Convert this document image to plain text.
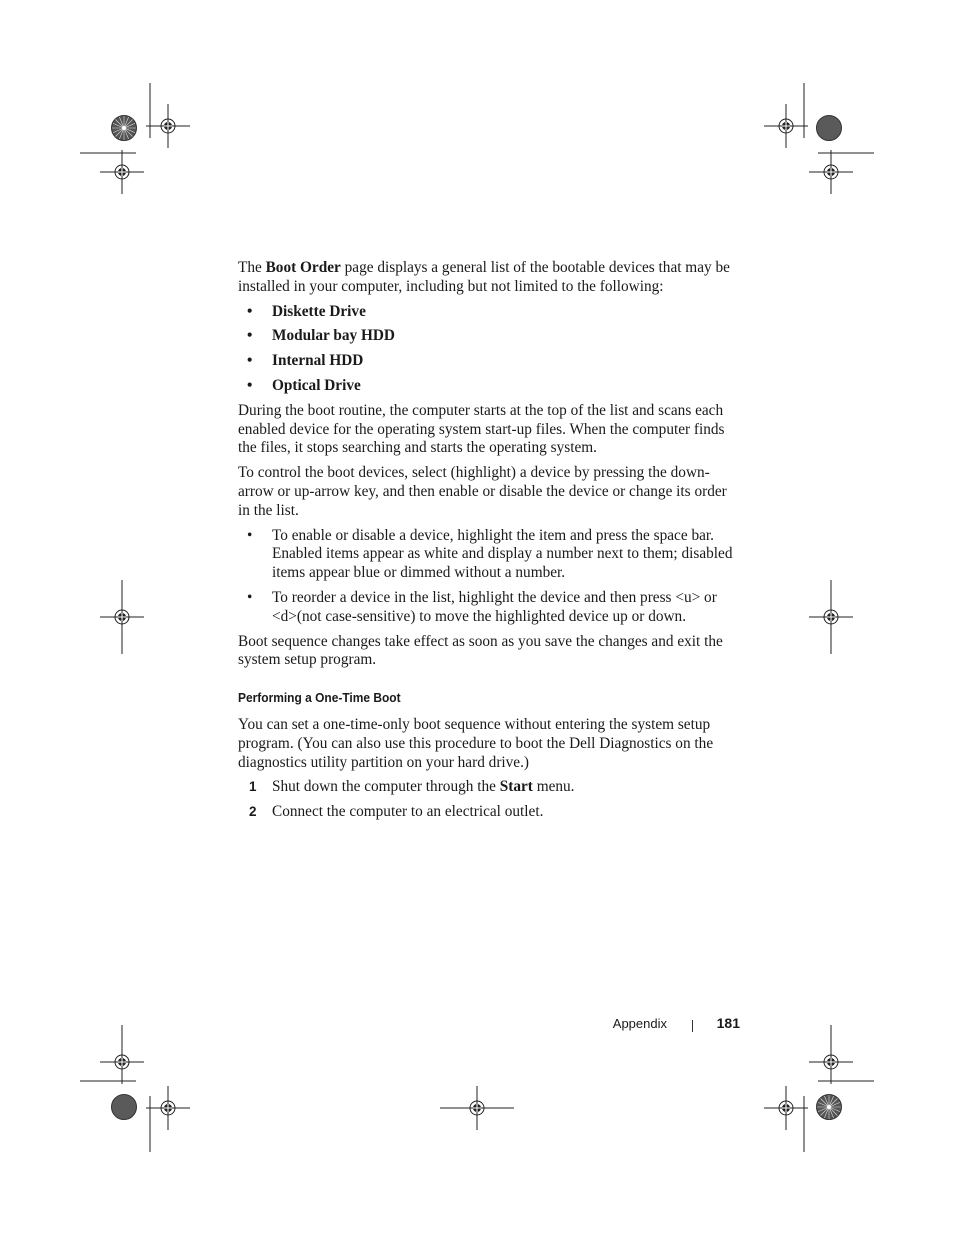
The Boot Order page displays a general list of the bootable devices that may be installed in your computer, including but not limited to the following:

• Diskette Drive
• Modular bay HDD
• Internal HDD
• Optical Drive

During the boot routine, the computer starts at the top of the list and scans each enabled device for the operating system start-up files. When the computer finds the files, it stops searching and starts the operating system.

To control the boot devices, select (highlight) a device by pressing the down-arrow or up-arrow key, and then enable or disable the device or change its order in the list.

• To enable or disable a device, highlight the item and press the space bar. Enabled items appear as white and display a number next to them; disabled items appear blue or dimmed without a number.
• To reorder a device in the list, highlight the device and then press <u> or <d>(not case-sensitive) to move the highlighted device up or down.

Boot sequence changes take effect as soon as you save the changes and exit the system setup program.

Performing a One-Time Boot

You can set a one-time-only boot sequence without entering the system setup program. (You can also use this procedure to boot the Dell Diagnostics on the diagnostics utility partition on your hard drive.)

1 Shut down the computer through the Start menu.
2 Connect the computer to an electrical outlet.
Appendix	181
